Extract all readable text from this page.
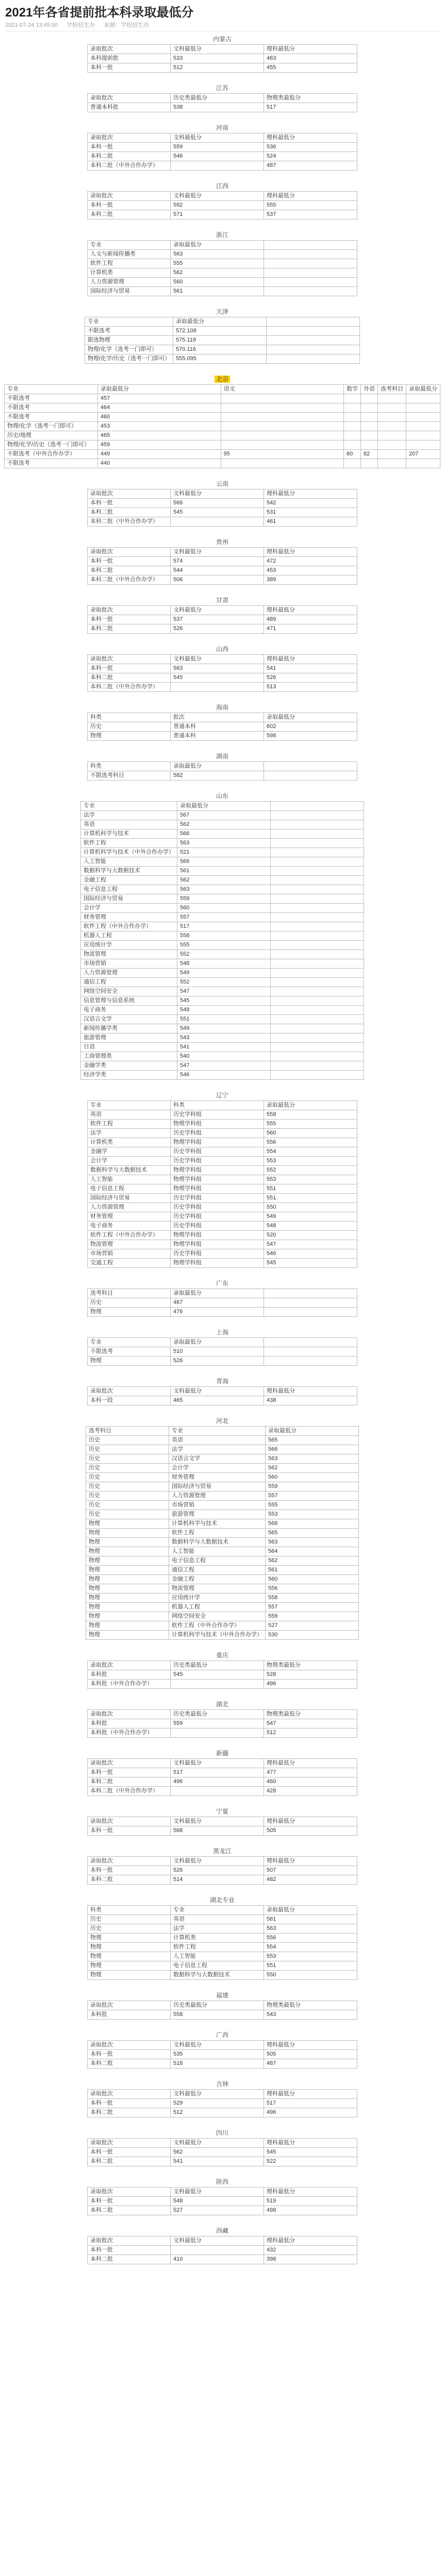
2021年各省提前批本科录取最低分
2021-07-24 13:45:00 学校招生办 来源：学校招生办
内蒙古
录取批次	文科最低分	理科最低分
本科提前批	533	463
本科一批	512	455
江苏
录取批次	历史类最低分	物理类最低分
普通本科批	538	517
河南
录取批次	文科最低分	理科最低分
本科一批	559	536
本科二批	546	524
本科二批（中外合作办学）		487
江西
录取批次	文科最低分	理科最低分
本科一批	592	555
本科二批	571	537
浙江
专业	录取最低分	
人文与新闻传播类	563	
软件工程	555	
计算机类	562	
人力资源管理	560	
国际经济与贸易	561	
天津
专业	录取最低分	
不限选考	572.108	
限选物理	575.119	
物理/化学（选考一门即可）	570.116	
物理/化学/历史（选考一门即可）	555.095	
北京
专业	录取最低分	语文	数学	外语	选考科目	录取最低分
不限选考	457					
不限选考	464					
不限选考	460					
物理/化学（选考一门即可）	453					
历史/地理	465					
物理/化学/历史（选考一门即可）	459					
不限选考（中外合作办学）	449	95	60	82		207
不限选考	440					
云南
录取批次	文科最低分	理科最低分
本科一批	566	542
本科二批	545	531
本科二批（中外合作办学）		461
贵州
录取批次	文科最低分	理科最低分
本科一批	574	472
本科二批	544	453
本科二批（中外合作办学）	506	389
甘肃
录取批次	文科最低分	理科最低分
本科一批	537	489
本科二批	526	471
山西
录取批次	文科最低分	理科最低分
本科一批	563	541
本科二批	545	526
本科二批（中外合作办学）		513
海南
科类	批次	录取最低分
历史	普通本科	602
物理	普通本科	598
湖南
科类	录取最低分	
不限选考科目	582	
山东
专业	录取最低分	
法学	567	
英语	562	
计算机科学与技术	566	
软件工程	563	
计算机科学与技术（中外合作办学）	521	
人工智能	566	
数据科学与大数据技术	561	
金融工程	562	
电子信息工程	563	
国际经济与贸易	559	
会计学	560	
财务管理	557	
软件工程（中外合作办学）	517	
机器人工程	558	
应用统计学	555	
物流管理	552	
市场营销	548	
人力资源管理	549	
通信工程	552	
网络空间安全	547	
信息管理与信息系统	545	
电子商务	548	
汉语言文学	551	
新闻传播学类	549	
旅游管理	543	
日语	541	
工商管理类	540	
金融学类	547	
经济学类	546	
辽宁
专业	科类	录取最低分
英语	历史学科组	558
软件工程	物理学科组	555
法学	历史学科组	560
计算机类	物理学科组	556
金融学	历史学科组	554
会计学	历史学科组	553
数据科学与大数据技术	物理学科组	552
人工智能	物理学科组	553
电子信息工程	物理学科组	551
国际经济与贸易	历史学科组	551
人力资源管理	历史学科组	550
财务管理	历史学科组	549
电子商务	历史学科组	548
软件工程（中外合作办学）	物理学科组	520
物流管理	物理学科组	547
市场营销	历史学科组	546
交通工程	物理学科组	545
广东
选考科目	录取最低分	
历史	467	
物理	476	
上海
专业	录取最低分	
不限选考	510	
物理	526	
青海
录取批次	文科最低分	理科最低分
本科一段	465	438
河北
选考科目	专业	录取最低分
历史	英语	565
历史	法学	566
历史	汉语言文学	563
历史	会计学	562
历史	财务管理	560
历史	国际经济与贸易	559
历史	人力资源管理	557
历史	市场营销	555
历史	旅游管理	553
物理	计算机科学与技术	566
物理	软件工程	565
物理	数据科学与大数据技术	563
物理	人工智能	564
物理	电子信息工程	562
物理	通信工程	561
物理	金融工程	560
物理	物流管理	556
物理	应用统计学	558
物理	机器人工程	557
物理	网络空间安全	559
物理	软件工程（中外合作办学）	527
物理	计算机科学与技术（中外合作办学）	530
重庆
录取批次	历史类最低分	物理类最低分
本科批	545	528
本科批（中外合作办学）		496
湖北
录取批次	历史类最低分	物理类最低分
本科批	559	547
本科批（中外合作办学）		512
新疆
录取批次	文科最低分	理科最低分
本科一批	517	477
本科二批	496	460
本科二批（中外合作办学）		428
宁夏
录取批次	文科最低分	理科最低分
本科一批	568	505
黑龙江
录取批次	文科最低分	理科最低分
本科一批	526	507
本科二批	514	482
湖北专业
科类	专业	录取最低分
历史	英语	561
历史	法学	563
物理	计算机类	556
物理	软件工程	554
物理	人工智能	553
物理	电子信息工程	551
物理	数据科学与大数据技术	550
福建
录取批次	历史类最低分	物理类最低分
本科批	558	543
广西
录取批次	文科最低分	理科最低分
本科一批	535	505
本科二批	518	487
吉林
录取批次	文科最低分	理科最低分
本科一批	529	517
本科二批	512	496
四川
录取批次	文科最低分	理科最低分
本科一批	562	545
本科二批	541	522
陕西
录取批次	文科最低分	理科最低分
本科一批	548	519
本科二批	527	498
西藏
录取批次	文科最低分	理科最低分
本科一批		432
本科二批	410	398
